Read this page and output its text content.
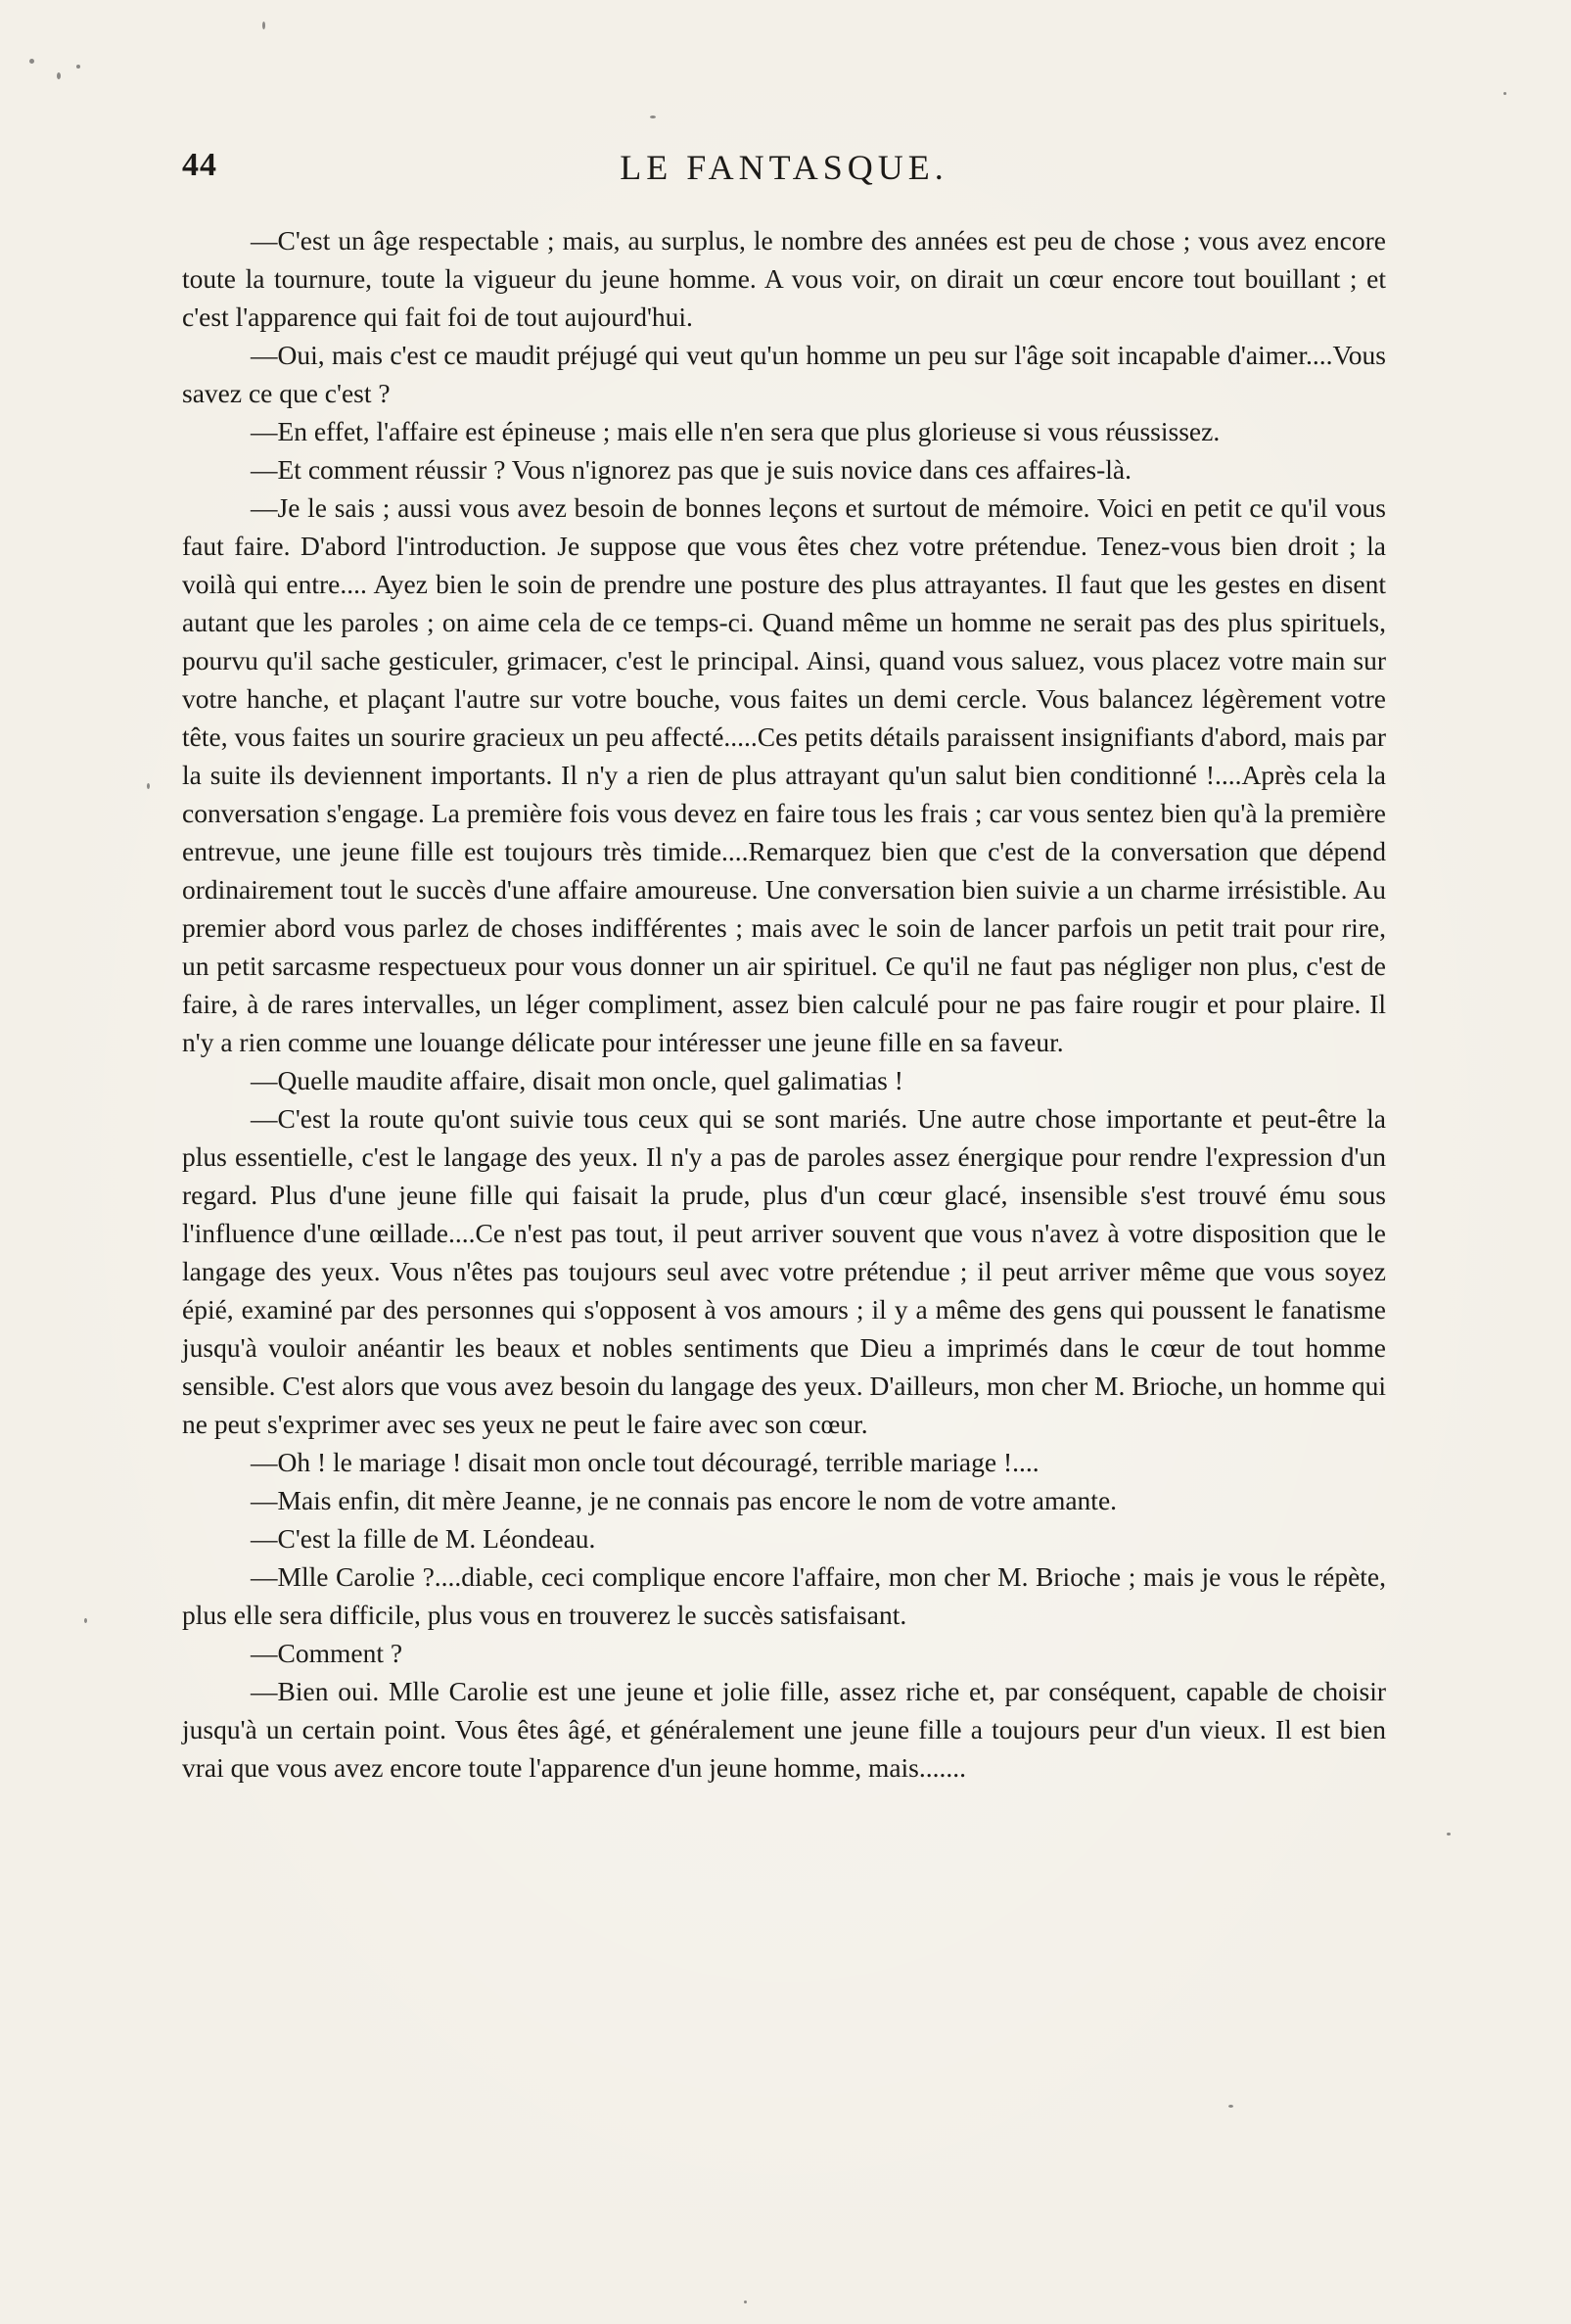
44	LE FANTASQUE.

—C'est un âge respectable ; mais, au surplus, le nombre des années est peu de chose ; vous avez encore toute la tournure, toute la vigueur du jeune homme. A vous voir, on dirait un cœur encore tout bouillant ; et c'est l'apparence qui fait foi de tout aujourd'hui.

—Oui, mais c'est ce maudit préjugé qui veut qu'un homme un peu sur l'âge soit incapable d'aimer....Vous savez ce que c'est ?

—En effet, l'affaire est épineuse ; mais elle n'en sera que plus glorieuse si vous réussissez.

—Et comment réussir ? Vous n'ignorez pas que je suis novice dans ces affaires-là.

—Je le sais ; aussi vous avez besoin de bonnes leçons et surtout de mémoire. Voici en petit ce qu'il vous faut faire. D'abord l'introduction. Je suppose que vous êtes chez votre prétendue. Tenez-vous bien droit ; la voilà qui entre.... Ayez bien le soin de prendre une posture des plus attrayantes. Il faut que les gestes en disent autant que les paroles ; on aime cela de ce temps-ci. Quand même un homme ne serait pas des plus spirituels, pourvu qu'il sache gesticuler, grimacer, c'est le principal. Ainsi, quand vous saluez, vous placez votre main sur votre hanche, et plaçant l'autre sur votre bouche, vous faites un demi cercle. Vous balancez légèrement votre tête, vous faites un sourire gracieux un peu affecté.....Ces petits détails paraissent insignifiants d'abord, mais par la suite ils deviennent importants. Il n'y a rien de plus attrayant qu'un salut bien conditionné !....Après cela la conversation s'engage. La première fois vous devez en faire tous les frais ; car vous sentez bien qu'à la première entrevue, une jeune fille est toujours très timide....Remarquez bien que c'est de la conversation que dépend ordinairement tout le succès d'une affaire amoureuse. Une conversation bien suivie a un charme irrésistible. Au premier abord vous parlez de choses indifférentes ; mais avec le soin de lancer parfois un petit trait pour rire, un petit sarcasme respectueux pour vous donner un air spirituel. Ce qu'il ne faut pas négliger non plus, c'est de faire, à de rares intervalles, un léger compliment, assez bien calculé pour ne pas faire rougir et pour plaire. Il n'y a rien comme une louange délicate pour intéresser une jeune fille en sa faveur.

—Quelle maudite affaire, disait mon oncle, quel galimatias !

—C'est la route qu'ont suivie tous ceux qui se sont mariés. Une autre chose importante et peut-être la plus essentielle, c'est le langage des yeux. Il n'y a pas de paroles assez énergique pour rendre l'expression d'un regard. Plus d'une jeune fille qui faisait la prude, plus d'un cœur glacé, insensible s'est trouvé ému sous l'influence d'une œillade....Ce n'est pas tout, il peut arriver souvent que vous n'avez à votre disposition que le langage des yeux. Vous n'êtes pas toujours seul avec votre prétendue ; il peut arriver même que vous soyez épié, examiné par des personnes qui s'opposent à vos amours ; il y a même des gens qui poussent le fanatisme jusqu'à vouloir anéantir les beaux et nobles sentiments que Dieu a imprimés dans le cœur de tout homme sensible. C'est alors que vous avez besoin du langage des yeux. D'ailleurs, mon cher M. Brioche, un homme qui ne peut s'exprimer avec ses yeux ne peut le faire avec son cœur.

—Oh ! le mariage ! disait mon oncle tout découragé, terrible mariage !....

—Mais enfin, dit mère Jeanne, je ne connais pas encore le nom de votre amante.

—C'est la fille de M. Léondeau.

—Mlle Carolie ?....diable, ceci complique encore l'affaire, mon cher M. Brioche ; mais je vous le répète, plus elle sera difficile, plus vous en trouverez le succès satisfaisant.

—Comment ?

—Bien oui. Mlle Carolie est une jeune et jolie fille, assez riche et, par conséquent, capable de choisir jusqu'à un certain point. Vous êtes âgé, et généralement une jeune fille a toujours peur d'un vieux. Il est bien vrai que vous avez encore toute l'apparence d'un jeune homme, mais.......
